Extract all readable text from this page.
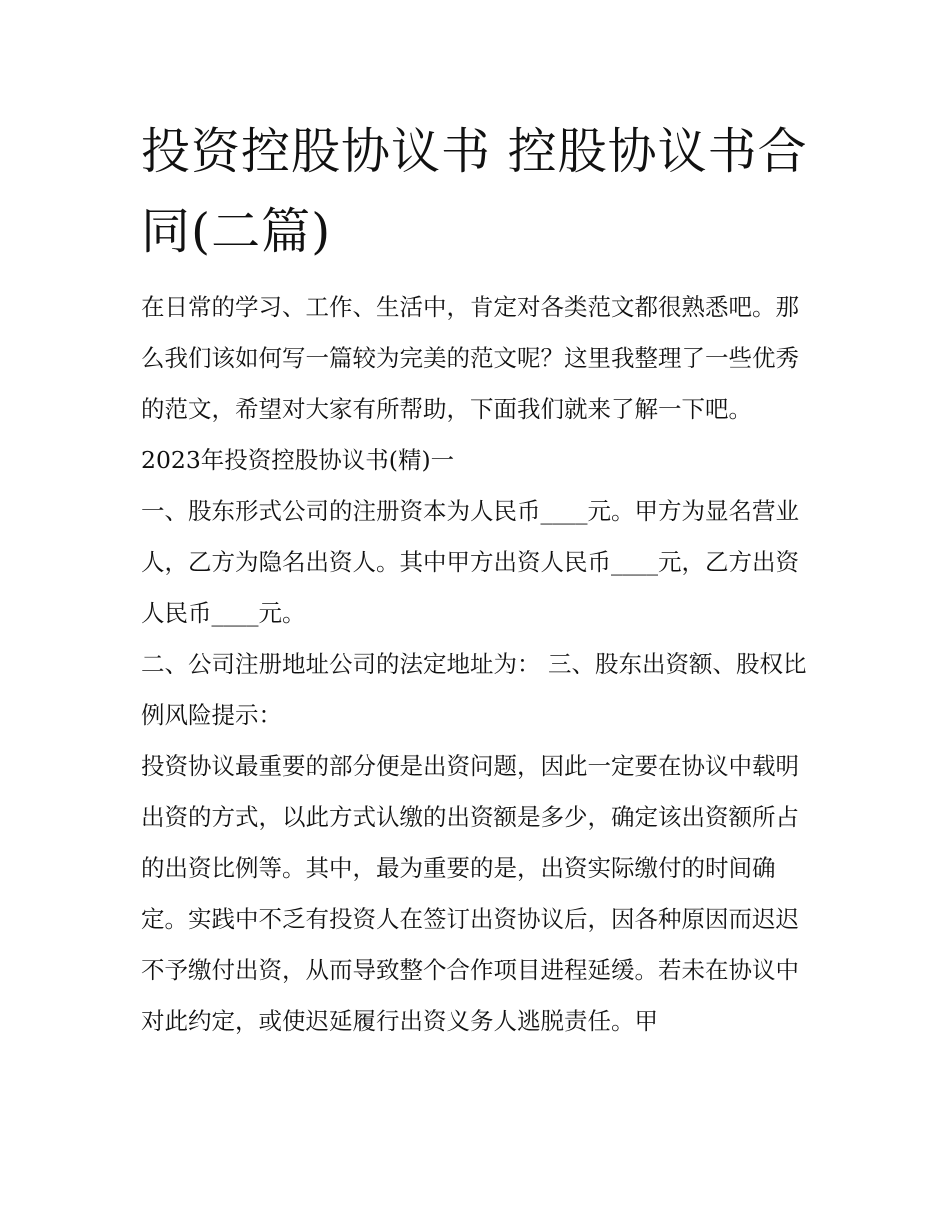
投资控股协议书 控股协议书合同(二篇)

在日常的学习、工作、生活中，肯定对各类范文都很熟悉吧。那么我们该如何写一篇较为完美的范文呢？这里我整理了一些优秀的范文，希望对大家有所帮助，下面我们就来了解一下吧。

2023年投资控股协议书(精)一

一、股东形式公司的注册资本为人民币____元。甲方为显名营业人，乙方为隐名出资人。其中甲方出资人民币____元，乙方出资人民币____元。

二、公司注册地址公司的法定地址为： 三、股东出资额、股权比例风险提示：

投资协议最重要的部分便是出资问题，因此一定要在协议中载明出资的方式，以此方式认缴的出资额是多少，确定该出资额所占的出资比例等。其中，最为重要的是，出资实际缴付的时间确定。实践中不乏有投资人在签订出资协议后，因各种原因而迟迟不予缴付出资，从而导致整个合作项目进程延缓。若未在协议中对此约定，或使迟延履行出资义务人逃脱责任。甲
